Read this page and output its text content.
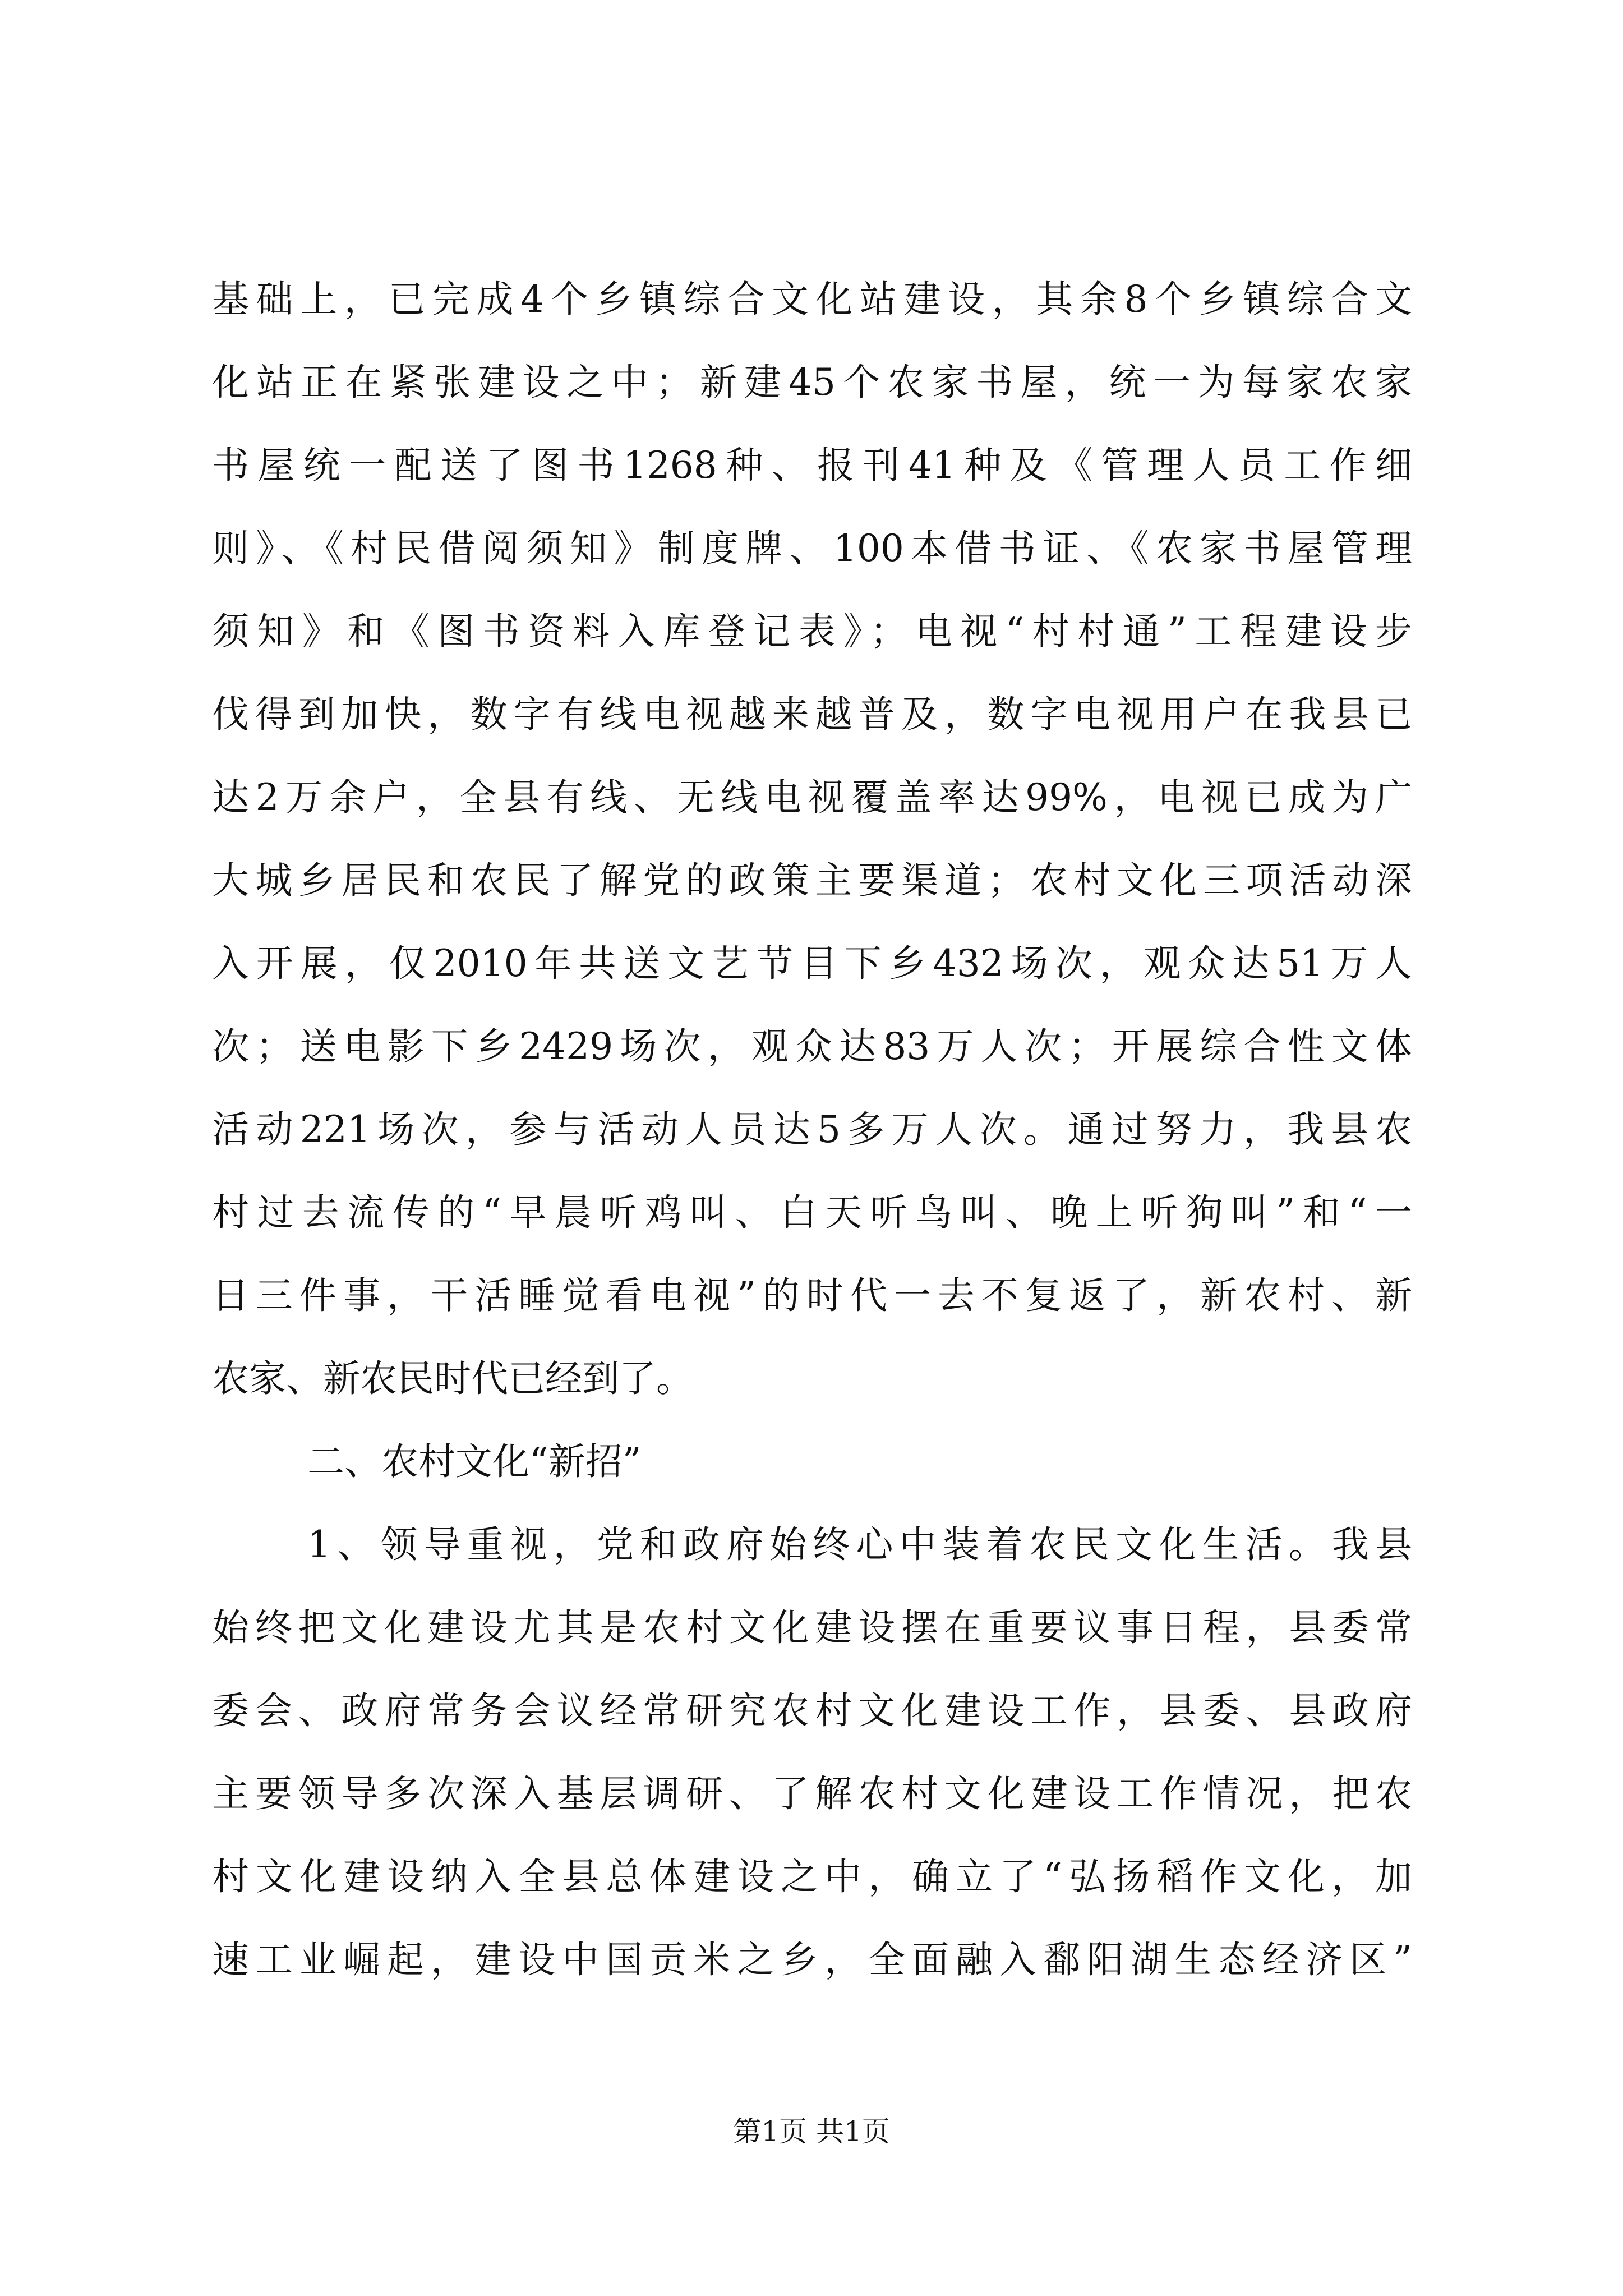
基础上，已完成4个乡镇综合文化站建设，其余8个乡镇综合文
化站正在紧张建设之中；新建45个农家书屋，统一为每家农家
书屋统一配送了图书1268种、报刊41种及《管理人员工作细
则》、《村民借阅须知》制度牌、100本借书证、《农家书屋管理
须知》和《图书资料入库登记表》；电视“村村通”工程建设步
伐得到加快，数字有线电视越来越普及，数字电视用户在我县已
达2万余户，全县有线、无线电视覆盖率达99%，电视已成为广
大城乡居民和农民了解党的政策主要渠道；农村文化三项活动深
入开展，仅2010年共送文艺节目下乡432场次，观众达51万人
次；送电影下乡2429场次，观众达83万人次；开展综合性文体
活动221场次，参与活动人员达5多万人次。通过努力，我县农
村过去流传的“早晨听鸡叫、白天听鸟叫、晚上听狗叫”和“一
日三件事，干活睡觉看电视”的时代一去不复返了，新农村、新
农家、新农民时代已经到了。
二、农村文化“新招”
1、领导重视，党和政府始终心中装着农民文化生活。我县
始终把文化建设尤其是农村文化建设摆在重要议事日程，县委常
委会、政府常务会议经常研究农村文化建设工作，县委、县政府
主要领导多次深入基层调研、了解农村文化建设工作情况，把农
村文化建设纳入全县总体建设之中，确立了“弘扬稻作文化，加
速工业崛起，建设中国贡米之乡，全面融入鄱阳湖生态经济区”
第1页 共1页
